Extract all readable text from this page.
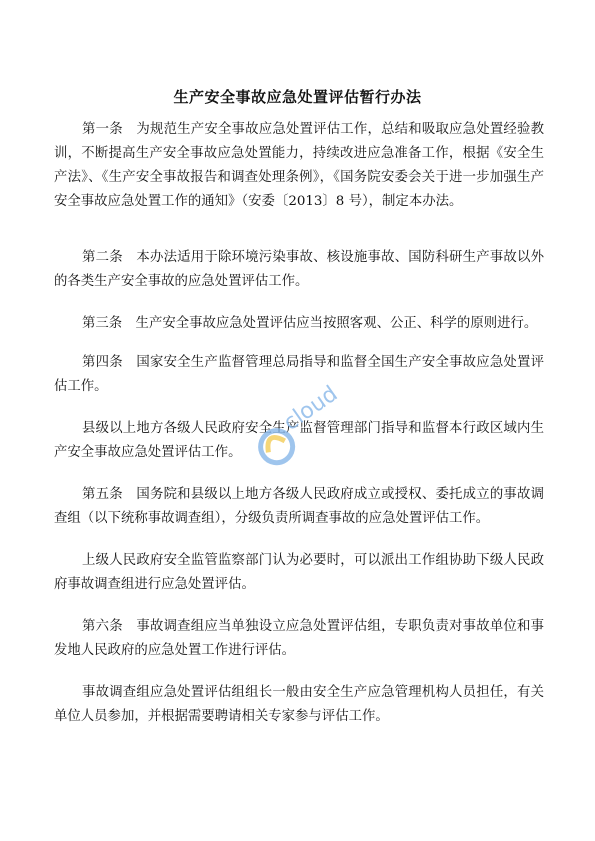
生产安全事故应急处置评估暂行办法

第一条　为规范生产安全事故应急处置评估工作，总结和吸取应急处置经验教训，不断提高生产安全事故应急处置能力，持续改进应急准备工作，根据《安全生产法》、《生产安全事故报告和调查处理条例》，《国务院安委会关于进一步加强生产安全事故应急处置工作的通知》（安委〔2013〕8 号），制定本办法。

第二条　本办法适用于除环境污染事故、核设施事故、国防科研生产事故以外的各类生产安全事故的应急处置评估工作。

第三条　生产安全事故应急处置评估应当按照客观、公正、科学的原则进行。

第四条　国家安全生产监督管理总局指导和监督全国生产安全事故应急处置评估工作。

县级以上地方各级人民政府安全生产监督管理部门指导和监督本行政区域内生产安全事故应急处置评估工作。

第五条　国务院和县级以上地方各级人民政府成立或授权、委托成立的事故调查组（以下统称事故调查组），分级负责所调查事故的应急处置评估工作。

上级人民政府安全监管监察部门认为必要时，可以派出工作组协助下级人民政府事故调查组进行应急处置评估。

第六条　事故调查组应当单独设立应急处置评估组，专职负责对事故单位和事发地人民政府的应急处置工作进行评估。

事故调查组应急处置评估组组长一般由安全生产应急管理机构人员担任，有关单位人员参加，并根据需要聘请相关专家参与评估工作。

cloud
